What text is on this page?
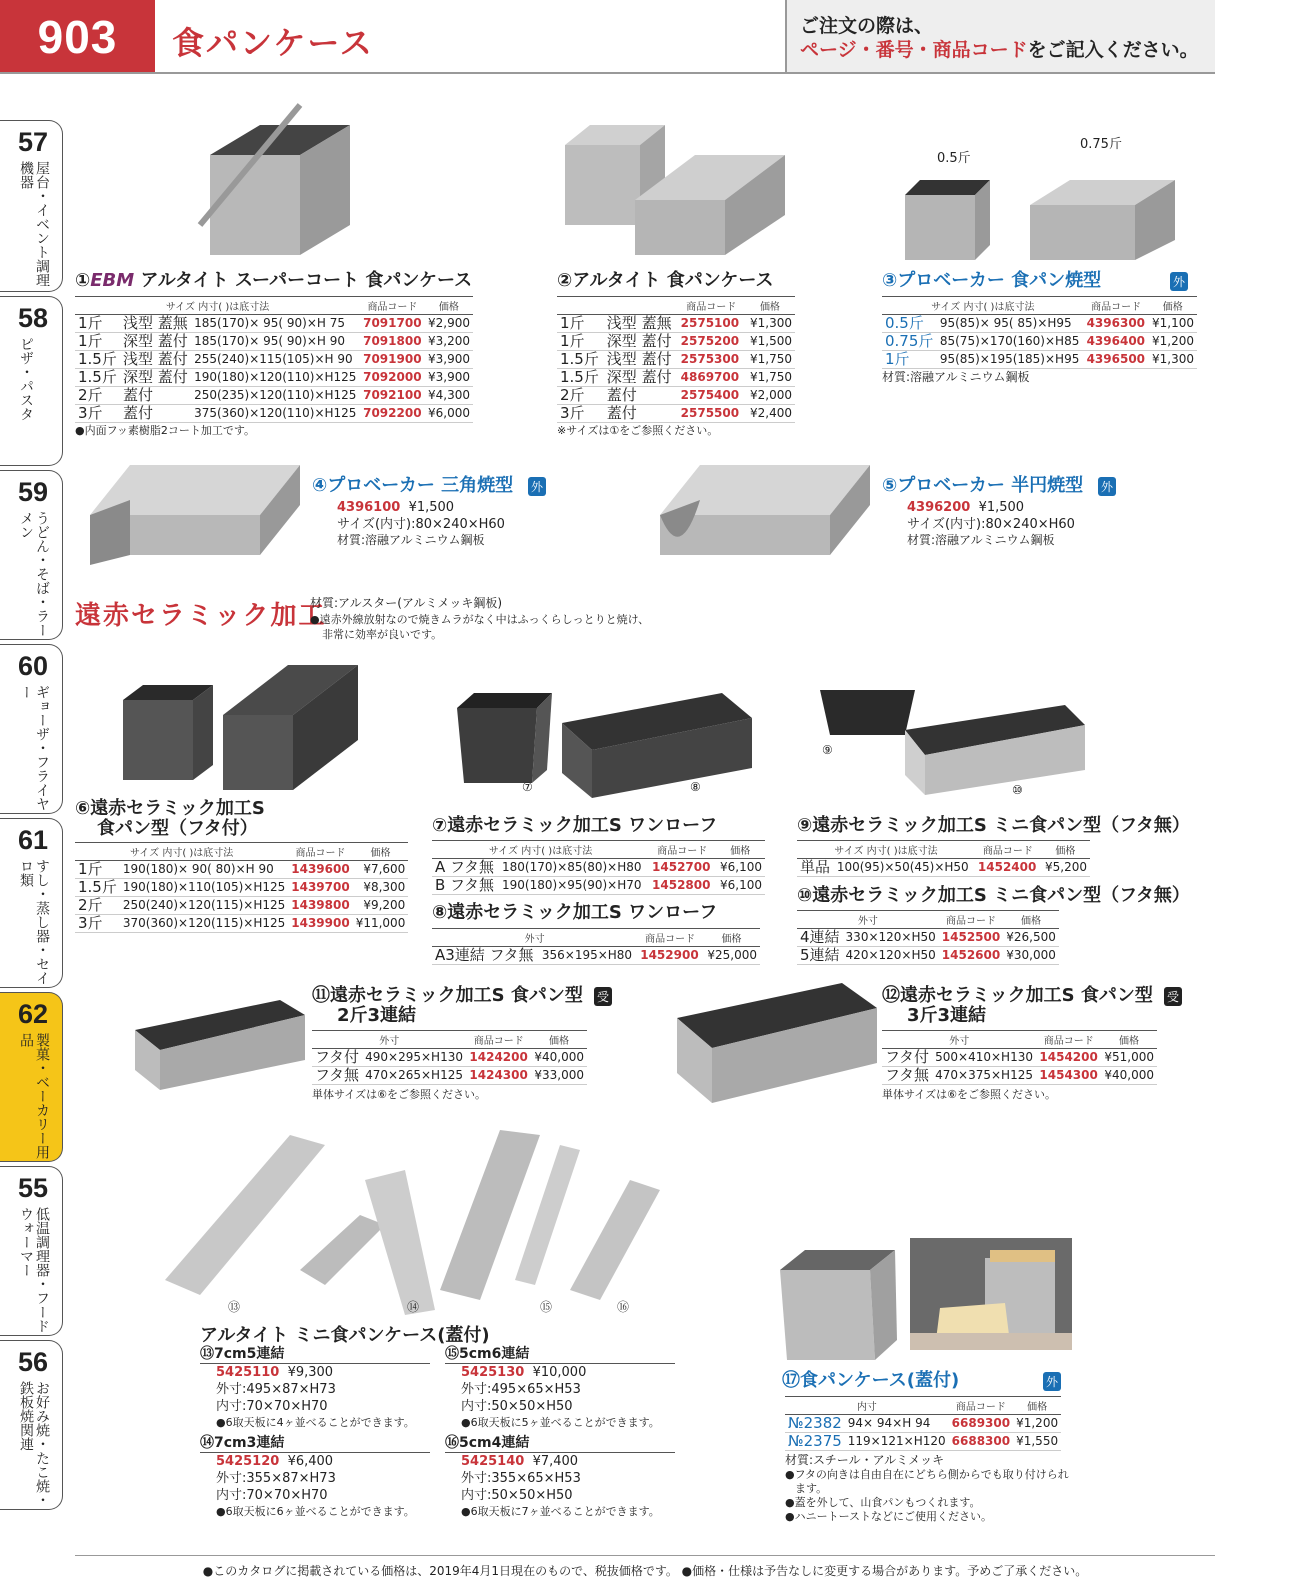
903	食パンケース	ご注文の際は、
ページ・番号・商品コードをご記入ください。
57
屋台・イベント調理機器
58
ピザ・パスタ
59
うどん・そば・ラーメン
60
ギョーザ・フライヤー
61
すし・蒸し器・セイロ類
62
製菓・ベーカリー用品
55
低温調理器・フードウォーマー
56
お好み焼・たこ焼・鉄板焼関連
①EBM アルタイト スーパーコート 食パンケース
サイズ 内寸( )は底寸法			商品コード	価格
1斤	浅型 蓋無	185(170)× 95( 90)×H 75	7091700	¥2,900
1斤	深型 蓋付	185(170)× 95( 90)×H 90	7091800	¥3,200
1.5斤	浅型 蓋付	255(240)×115(105)×H 90	7091900	¥3,900
1.5斤	深型 蓋付	190(180)×120(110)×H125	7092000	¥3,900
2斤	蓋付	250(235)×120(110)×H125	7092100	¥4,300
3斤	蓋付	375(360)×120(110)×H125	7092200	¥6,000
●内面フッ素樹脂2コート加工です。
②アルタイト 食パンケース
		商品コード	価格
1斤	浅型 蓋無	2575100	¥1,300
1斤	深型 蓋付	2575200	¥1,500
1.5斤	浅型 蓋付	2575300	¥1,750
1.5斤	深型 蓋付	4869700	¥1,750
2斤	蓋付	2575400	¥2,000
3斤	蓋付	2575500	¥2,400
※サイズは①をご参照ください。
0.5斤
0.75斤
③プロベーカー 食パン焼型	外
サイズ 内寸( )は底寸法		商品コード	価格
0.5斤	95(85)× 95( 85)×H95	4396300	¥1,100
0.75斤	85(75)×170(160)×H85	4396400	¥1,200
1斤	95(85)×195(185)×H95	4396500	¥1,300
材質:溶融アルミニウム鋼板
④プロベーカー 三角焼型 外
4396100 ¥1,500
サイズ(内寸):80×240×H60
材質:溶融アルミニウム鋼板
⑤プロベーカー 半円焼型 外
4396200 ¥1,500
サイズ(内寸):80×240×H60
材質:溶融アルミニウム鋼板
遠赤セラミック加工
材質:アルスター(アルミメッキ鋼板)
●遠赤外線放射なので焼きムラがなく中はふっくらしっとりと焼け、
非常に効率が良いです。
⑥遠赤セラミック加工S
食パン型（フタ付）
サイズ 内寸( )は底寸法		商品コード	価格
1斤	190(180)× 90( 80)×H 90	1439600	¥7,600
1.5斤	190(180)×110(105)×H125	1439700	¥8,300
2斤	250(240)×120(115)×H125	1439800	¥9,200
3斤	370(360)×120(115)×H125	1439900	¥11,000
⑦	⑧
⑦遠赤セラミック加工S ワンローフ
サイズ 内寸( )は底寸法		商品コード	価格
A フタ無	180(170)×85(80)×H80	1452700	¥6,100
B フタ無	190(180)×95(90)×H70	1452800	¥6,100
⑧遠赤セラミック加工S ワンローフ
外寸		商品コード	価格
A3連結 フタ無	356×195×H80	1452900	¥25,000
⑨
⑩
⑨遠赤セラミック加工S ミニ食パン型（フタ無）
サイズ 内寸( )は底寸法		商品コード	価格
単品	100(95)×50(45)×H50	1452400	¥5,200
⑩遠赤セラミック加工S ミニ食パン型（フタ無）
外寸		商品コード	価格
4連結	330×120×H50	1452500	¥26,500
5連結	420×120×H50	1452600	¥30,000
⑪遠赤セラミック加工S 食パン型 受
2斤3連結
外寸		商品コード	価格
フタ付	490×295×H130	1424200	¥40,000
フタ無	470×265×H125	1424300	¥33,000
単体サイズは⑥をご参照ください。
⑫遠赤セラミック加工S 食パン型 受
3斤3連結
外寸		商品コード	価格
フタ付	500×410×H130	1454200	¥51,000
フタ無	470×375×H125	1454300	¥40,000
単体サイズは⑥をご参照ください。
⑬	⑭	⑮	⑯
アルタイト ミニ食パンケース(蓋付)
⑬7cm5連結
5425110 ¥9,300
外寸:495×87×H73
内寸:70×70×H70
●6取天板に4ヶ並べることができます。
⑮5cm6連結
5425130 ¥10,000
外寸:495×65×H53
内寸:50×50×H50
●6取天板に5ヶ並べることができます。
⑭7cm3連結
5425120 ¥6,400
外寸:355×87×H73
内寸:70×70×H70
●6取天板に6ヶ並べることができます。
⑯5cm4連結
5425140 ¥7,400
外寸:355×65×H53
内寸:50×50×H50
●6取天板に7ヶ並べることができます。
⑰食パンケース(蓋付)	外
内寸		商品コード	価格
№2382	94× 94×H 94	6689300	¥1,200
№2375	119×121×H120	6688300	¥1,550
材質:スチール・アルミメッキ
●フタの向きは自由自在にどちら側からでも取り付けられ
ます。
●蓋を外して、山食パンもつくれます。
●ハニートーストなどにご使用ください。
●このカタログに掲載されている価格は、2019年4月1日現在のもので、税抜価格です。 ●価格・仕様は予告なしに変更する場合があります。予めご了承ください。
